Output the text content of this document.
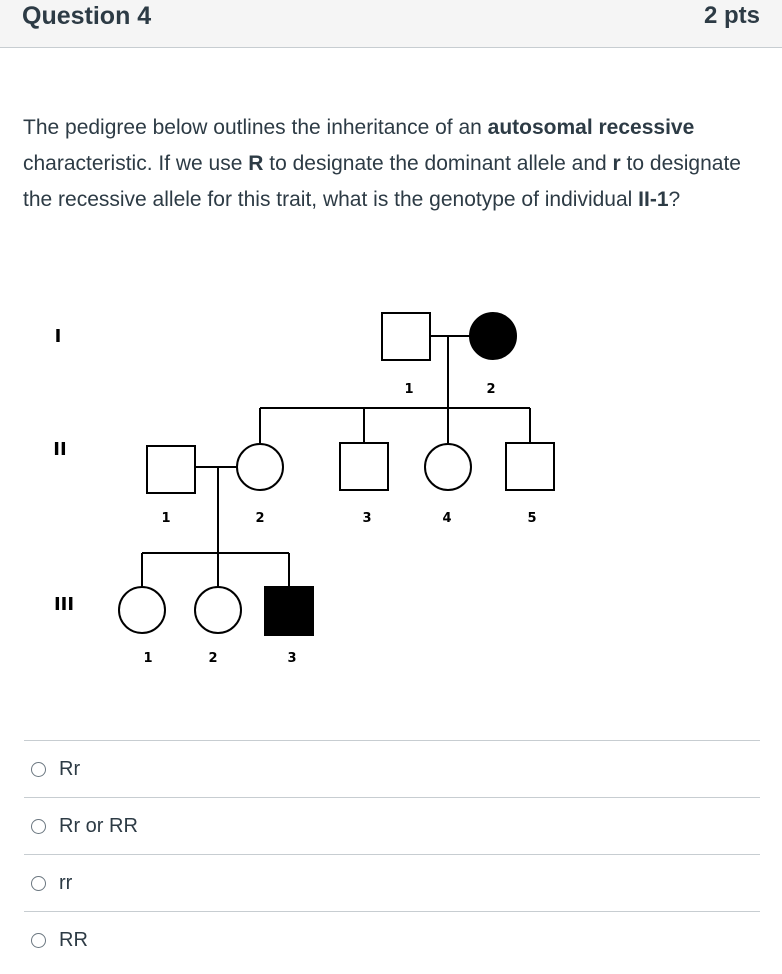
Question 4	2 pts
The pedigree below outlines the inheritance of an autosomal recessive characteristic. If we use R to designate the dominant allele and r to designate the recessive allele for this trait, what is the genotype of individual II-1?
I
II
III
1	2
1	2	3	4	5
1	2	3
Rr
Rr or RR
rr
RR
